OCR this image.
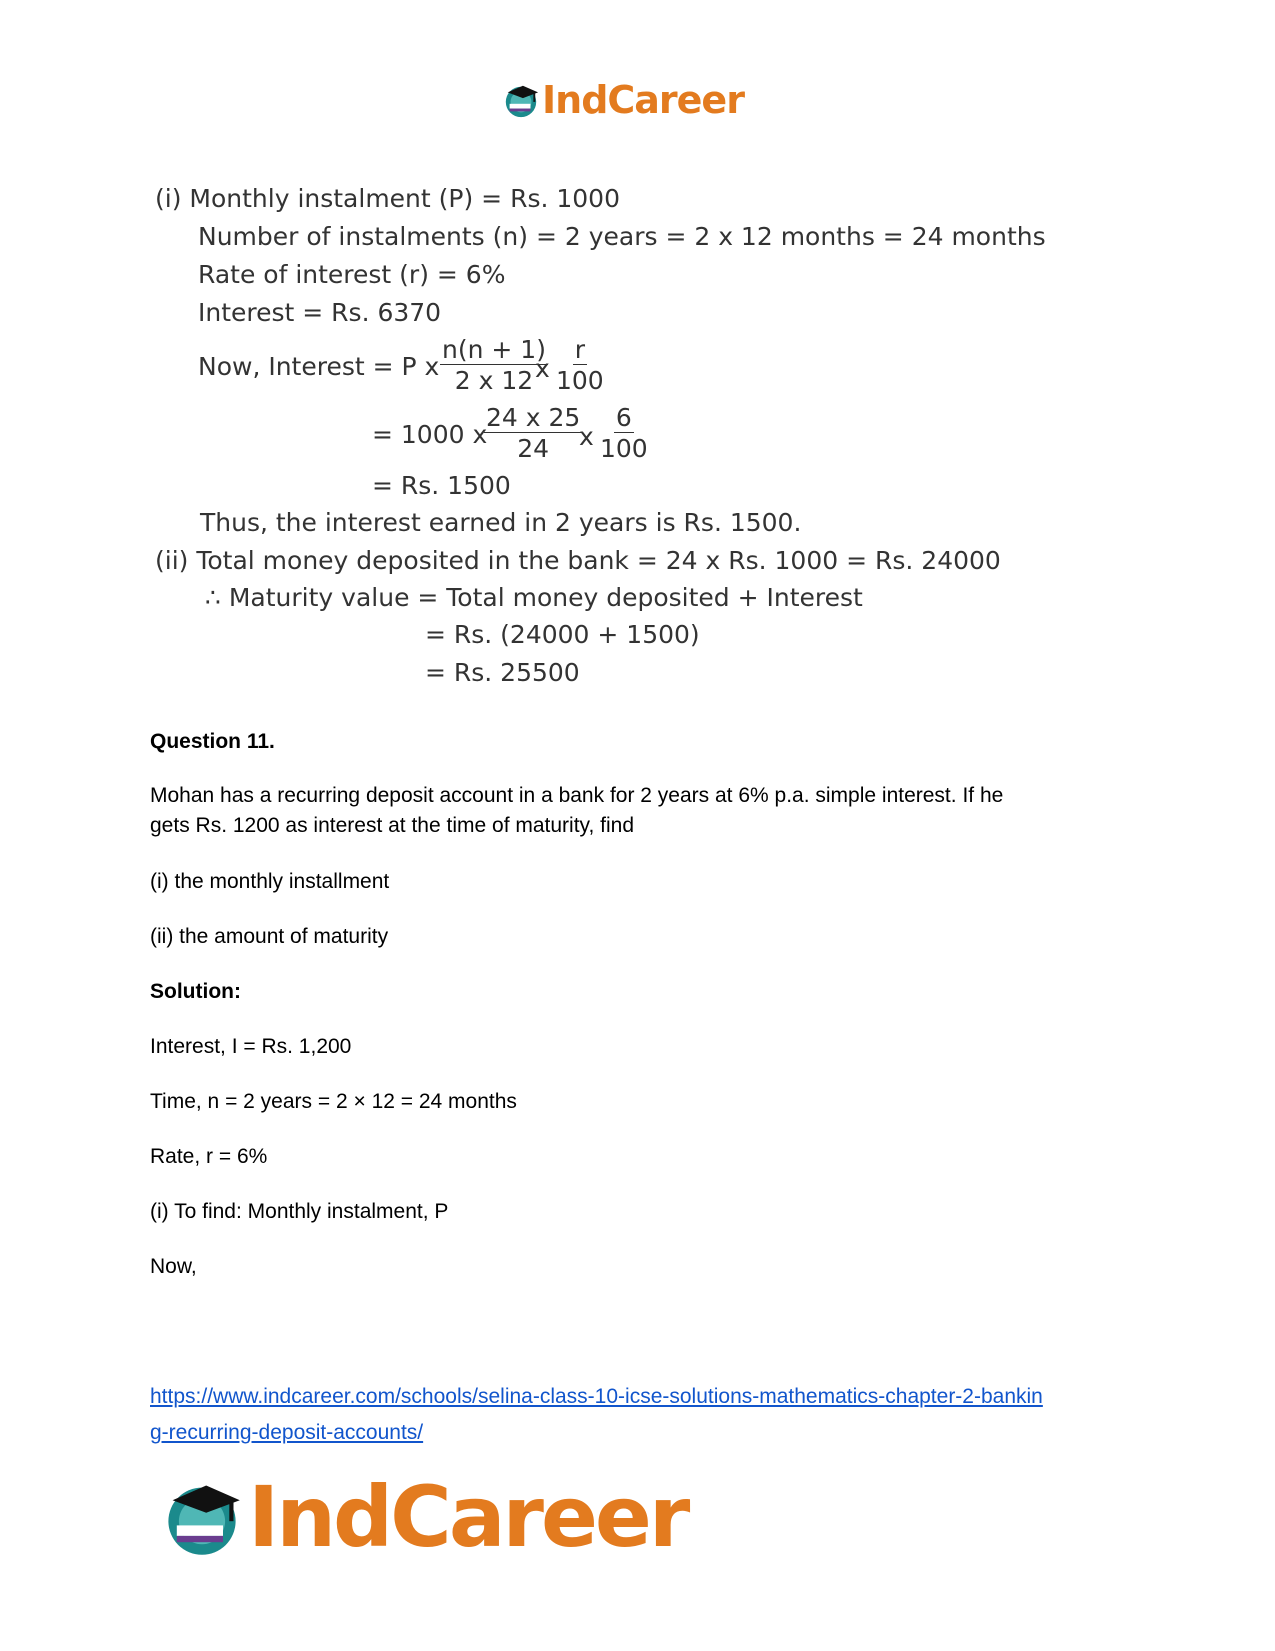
IndCareer
(i) Monthly instalment (P) = Rs. 1000
Number of instalments (n) = 2 years = 2 x 12 months = 24 months
Rate of interest (r) = 6%
Interest = Rs. 6370
Now, Interest = P x $\frac{n(n + 1)}{2 x 12}$
x $\frac{r}{100}$
= 1000 x
$\frac{24 x 25}{24}$
x $\frac{6}{100}$
= Rs. 1500
Thus, the interest earned in 2 years is Rs. 1500.
(ii) Total money deposited in the bank = 24 x Rs. 1000 = Rs. 24000
∴ Maturity value = Total money deposited + Interest
= Rs. (24000 + 1500)
= Rs. 25500
Question 11.
Mohan has a recurring deposit account in a bank for 2 years at 6% p.a. simple interest. If he
gets Rs. 1200 as interest at the time of maturity, find
(i) the monthly installment
(ii) the amount of maturity
Solution:
Interest, I = Rs. 1,200
Time, n = 2 years = 2 × 12 = 24 months
Rate, r = 6%
(i) To find: Monthly instalment, P
Now,
https://www.indcareer.com/schools/selina-class-10-icse-solutions-mathematics-chapter-2-bankin
g-recurring-deposit-accounts/
IndCareer
